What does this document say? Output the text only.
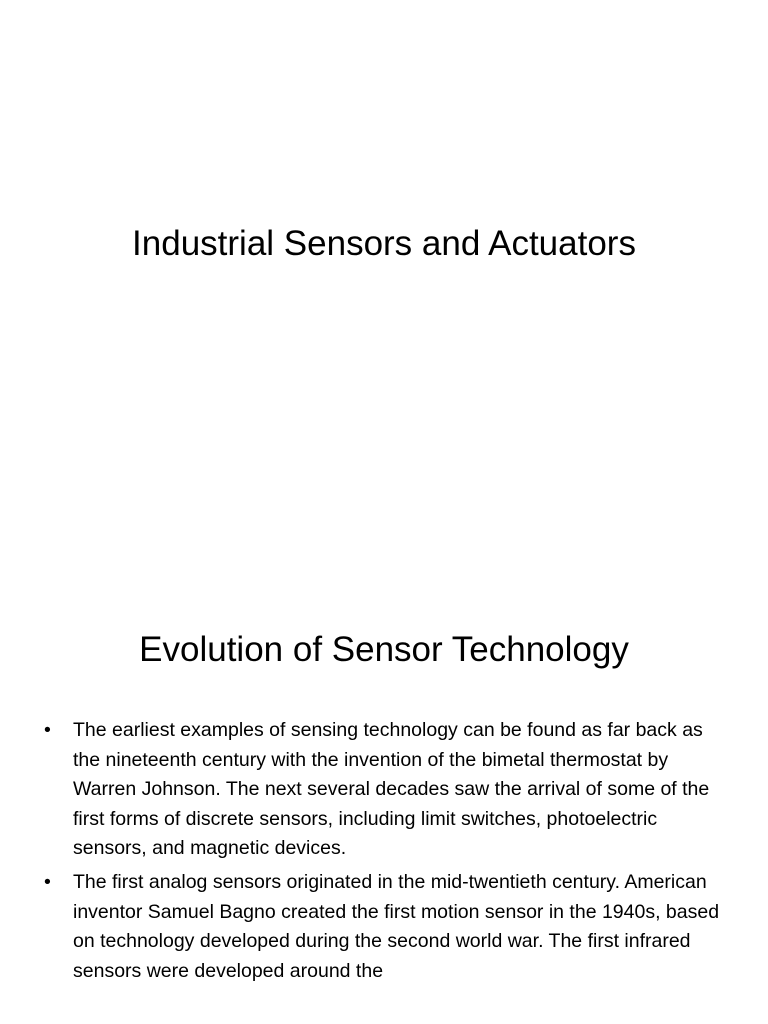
Industrial Sensors and Actuators
Evolution of Sensor Technology
• The earliest examples of sensing technology can be found as far back as the nineteenth century with the invention of the bimetal thermostat by Warren Johnson. The next several decades saw the arrival of some of the first forms of discrete sensors, including limit switches, photoelectric sensors, and magnetic devices.
• The first analog sensors originated in the mid-twentieth century. American inventor Samuel Bagno created the first motion sensor in the 1940s, based on technology developed during the second world war. The first infrared sensors were developed around the
